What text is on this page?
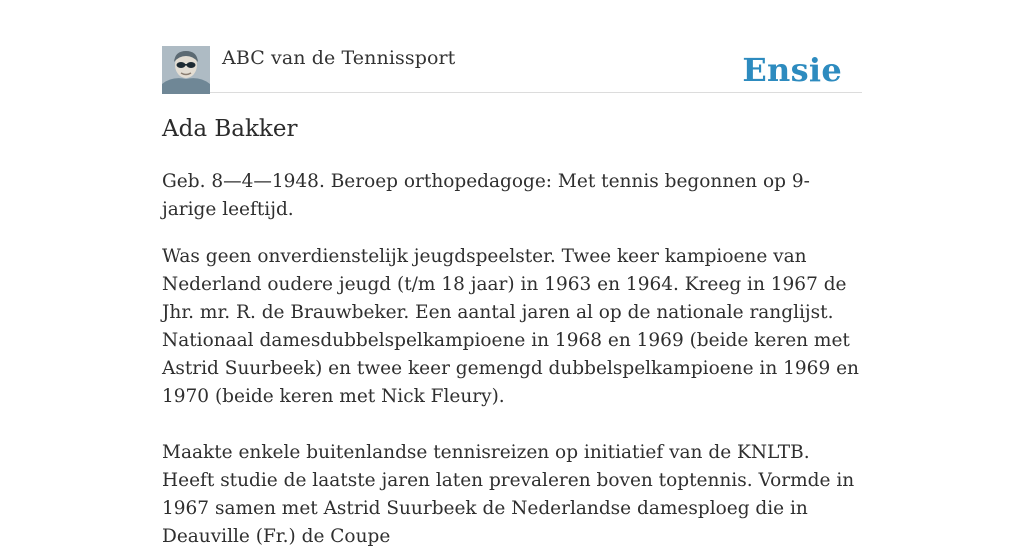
ABC van de Tennissport	Ensie
Ada Bakker

Geb. 8—4—1948. Beroep orthopedagoge: Met tennis begonnen op 9-jarige leeftijd.

Was geen onverdienstelijk jeugdspeelster. Twee keer kampioene van Nederland oudere jeugd (t/m 18 jaar) in 1963 en 1964. Kreeg in 1967 de Jhr. mr. R. de Brauwbeker. Een aantal jaren al op de nationale ranglijst. Nationaal damesdubbelspelkampioene in 1968 en 1969 (beide keren met Astrid Suurbeek) en twee keer gemengd dubbelspelkampioene in 1969 en 1970 (beide keren met Nick Fleury).

Maakte enkele buitenlandse tennisreizen op initiatief van de KNLTB. Heeft studie de laatste jaren laten prevaleren boven toptennis. Vormde in 1967 samen met Astrid Suurbeek de Nederlandse damesploeg die in Deauville (Fr.) de Coupe
